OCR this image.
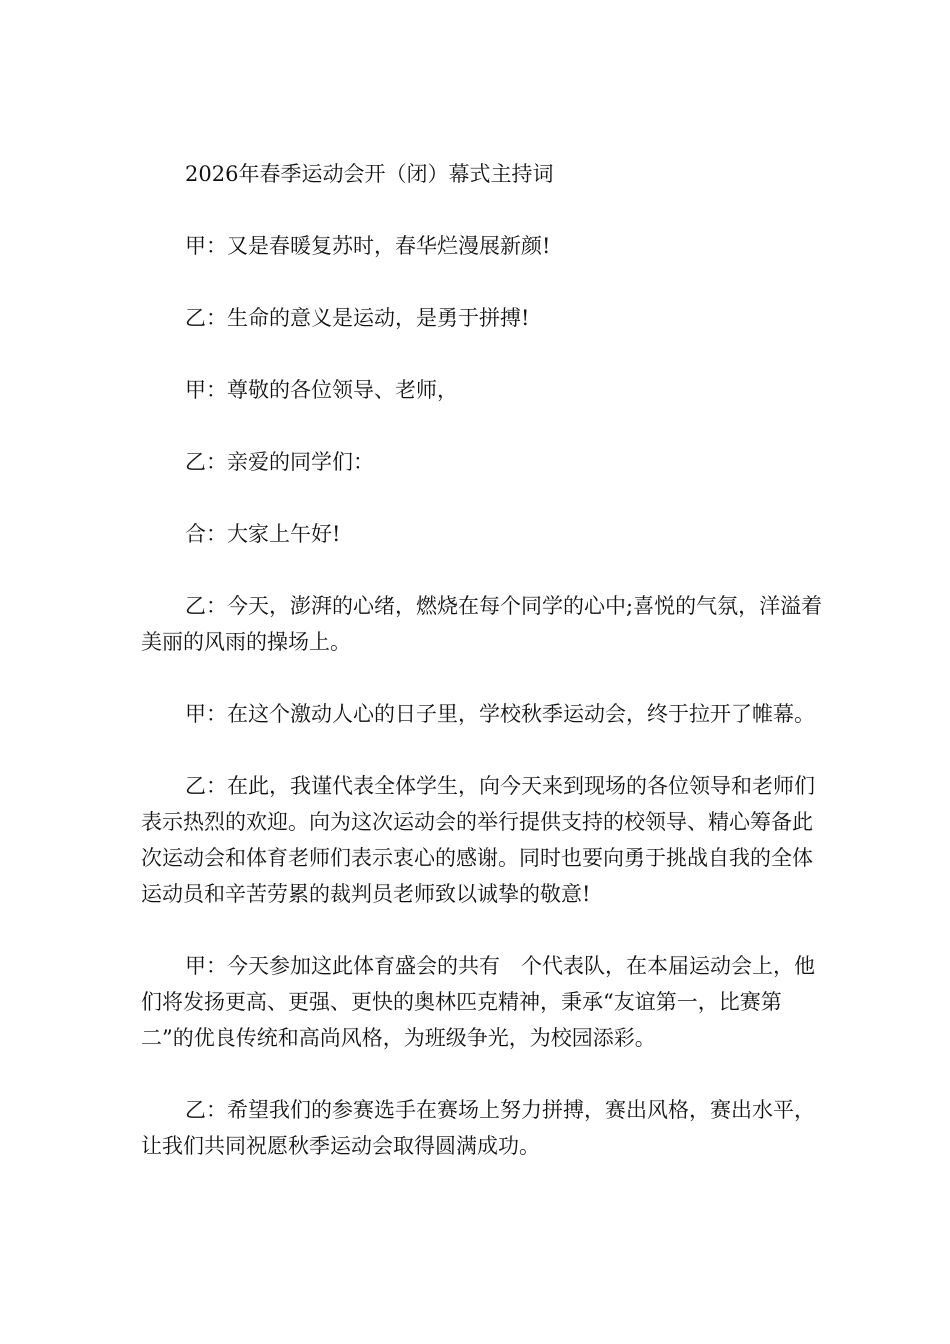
2026年春季运动会开（闭）幕式主持词

甲：又是春暖复苏时，春华烂漫展新颜!

乙：生命的意义是运动，是勇于拼搏!

甲：尊敬的各位领导、老师，

乙：亲爱的同学们：

合：大家上午好!

乙：今天，澎湃的心绪，燃烧在每个同学的心中;喜悦的气氛，洋溢着美丽的风雨的操场上。

甲：在这个激动人心的日子里，学校秋季运动会，终于拉开了帷幕。

乙：在此，我谨代表全体学生，向今天来到现场的各位领导和老师们表示热烈的欢迎。向为这次运动会的举行提供支持的校领导、精心筹备此次运动会和体育老师们表示衷心的感谢。同时也要向勇于挑战自我的全体运动员和辛苦劳累的裁判员老师致以诚挚的敬意!

甲：今天参加这此体育盛会的共有　个代表队，在本届运动会上，他们将发扬更高、更强、更快的奥林匹克精神，秉承“友谊第一，比赛第二”的优良传统和高尚风格，为班级争光，为校园添彩。

乙：希望我们的参赛选手在赛场上努力拼搏，赛出风格，赛出水平，让我们共同祝愿秋季运动会取得圆满成功。
